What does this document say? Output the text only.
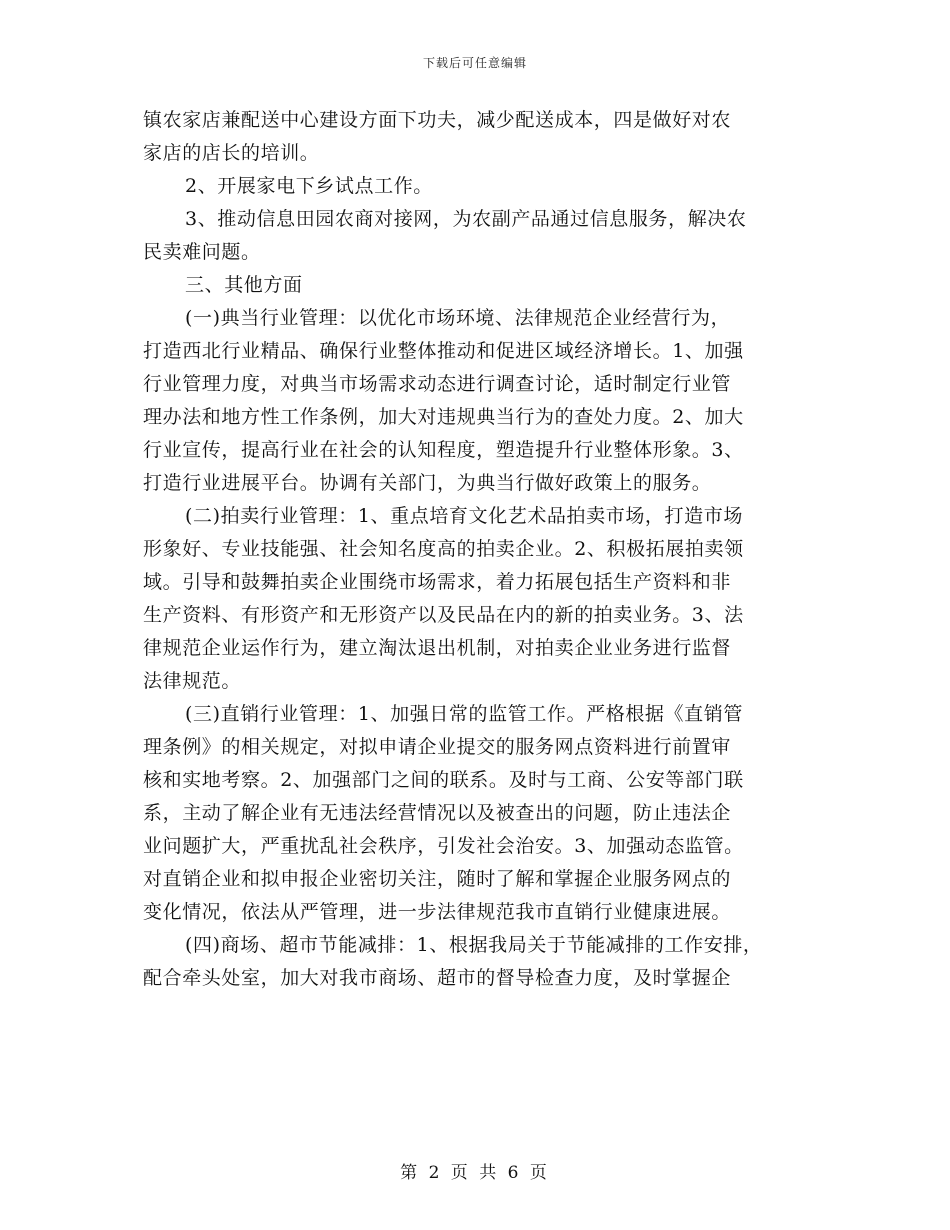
下载后可任意编辑
镇农家店兼配送中心建设方面下功夫，减少配送成本，四是做好对农
家店的店长的培训。
2、开展家电下乡试点工作。
3、推动信息田园农商对接网，为农副产品通过信息服务，解决农
民卖难问题。
三、其他方面
(一)典当行业管理：以优化市场环境、法律规范企业经营行为，
打造西北行业精品、确保行业整体推动和促进区域经济增长。1、加强
行业管理力度，对典当市场需求动态进行调查讨论，适时制定行业管
理办法和地方性工作条例，加大对违规典当行为的查处力度。2、加大
行业宣传，提高行业在社会的认知程度，塑造提升行业整体形象。3、
打造行业进展平台。协调有关部门，为典当行做好政策上的服务。
(二)拍卖行业管理：1、重点培育文化艺术品拍卖市场，打造市场
形象好、专业技能强、社会知名度高的拍卖企业。2、积极拓展拍卖领
域。引导和鼓舞拍卖企业围绕市场需求，着力拓展包括生产资料和非
生产资料、有形资产和无形资产以及民品在内的新的拍卖业务。3、法
律规范企业运作行为，建立淘汰退出机制，对拍卖企业业务进行监督
法律规范。
(三)直销行业管理：1、加强日常的监管工作。严格根据《直销管
理条例》的相关规定，对拟申请企业提交的服务网点资料进行前置审
核和实地考察。2、加强部门之间的联系。及时与工商、公安等部门联
系，主动了解企业有无违法经营情况以及被查出的问题，防止违法企
业问题扩大，严重扰乱社会秩序，引发社会治安。3、加强动态监管。
对直销企业和拟申报企业密切关注，随时了解和掌握企业服务网点的
变化情况，依法从严管理，进一步法律规范我市直销行业健康进展。
(四)商场、超市节能减排：1、根据我局关于节能减排的工作安排，
配合牵头处室，加大对我市商场、超市的督导检查力度，及时掌握企
第 2 页 共 6 页
